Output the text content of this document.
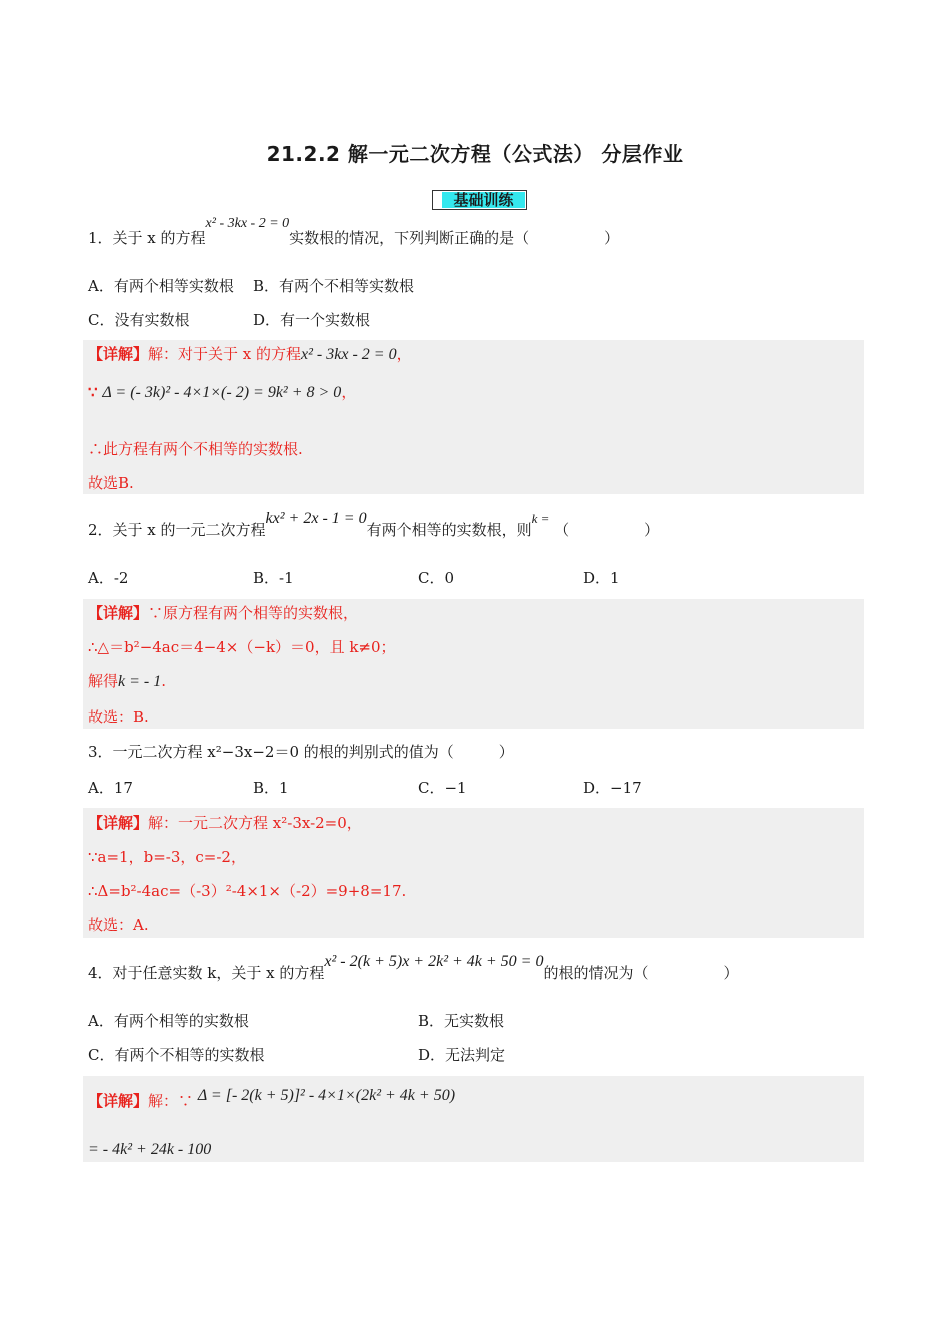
21.2.2 解一元二次方程（公式法） 分层作业
基础训练
1．关于 x 的方程x² - 3kx - 2 = 0实数根的情况，下列判断正确的是（　　　　　）
A．有两个相等实数根 B．有两个不相等实数根
C．没有实数根	D．有一个实数根
【详解】解：对于关于 x 的方程x² - 3kx - 2 = 0，
∵ Δ = (- 3k)² - 4×1×(- 2) = 9k² + 8 > 0，
∴此方程有两个不相等的实数根.
故选B.
2．关于 x 的一元二次方程kx² + 2x - 1 = 0有两个相等的实数根，则k = （　　　　　）
A．-2	B．-1	C．0	D．1
【详解】∵原方程有两个相等的实数根，
∴△＝b²−4ac＝4−4×（−k）＝0，且 k≠0；
解得k = - 1.
故选：B.
3．一元二次方程 x²−3x−2＝0 的根的判别式的值为（　　　）
A．17	B．1	C．−1	D．−17
【详解】解：一元二次方程 x²-3x-2=0，
∵a=1，b=-3，c=-2，
∴Δ=b²-4ac=（-3）²-4×1×（-2）=9+8=17.
故选：A.
4．对于任意实数 k，关于 x 的方程x² - 2(k + 5)x + 2k² + 4k + 50 = 0的根的情况为（　　　　　）
A．有两个相等的实数根	B．无实数根
C．有两个不相等的实数根	D．无法判定
【详解】解：∵ Δ = [- 2(k + 5)]² - 4×1×(2k² + 4k + 50)
= - 4k² + 24k - 100
